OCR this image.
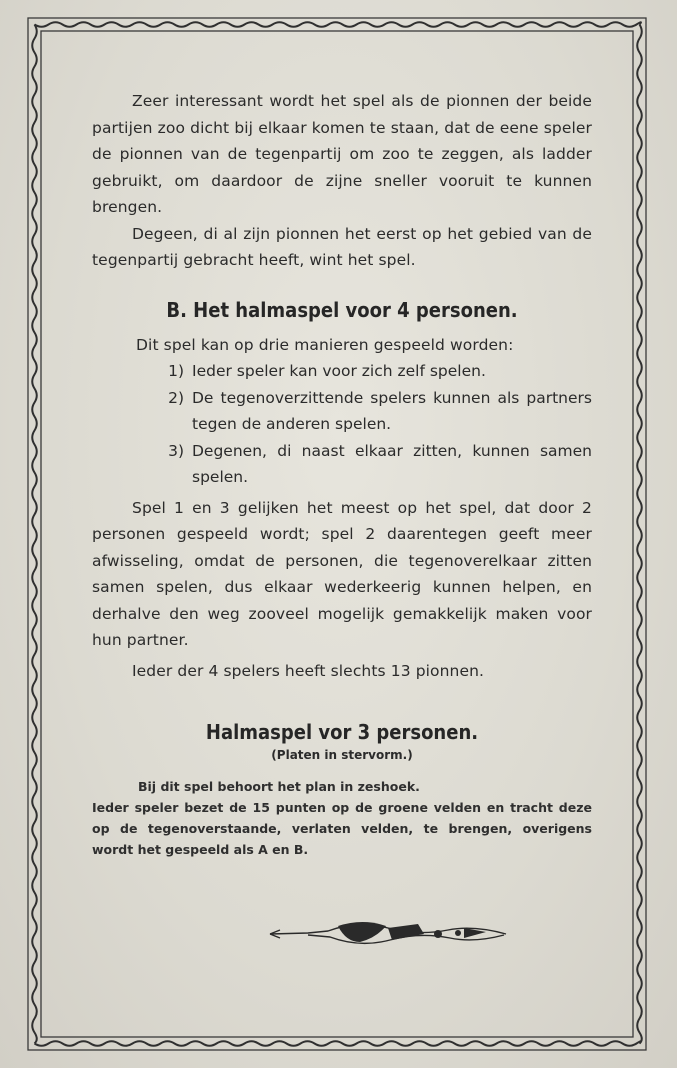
Zeer interessant wordt het spel als de pionnen der beide partijen zoo dicht bij elkaar komen te staan, dat de eene speler de pionnen van de tegenpartij om zoo te zeggen, als ladder gebruikt, om daardoor de zijne sneller vooruit te kunnen brengen.

Degeen, di al zijn pionnen het eerst op het gebied van de tegenpartij gebracht heeft, wint het spel.

B. Het halmaspel voor 4 personen.

Dit spel kan op drie manieren gespeeld worden:

1) Ieder speler kan voor zich zelf spelen.
2) De tegenoverzittende spelers kunnen als partners tegen de anderen spelen.
3) Degenen, di naast elkaar zitten, kunnen samen spelen.

Spel 1 en 3 gelijken het meest op het spel, dat door 2 personen gespeeld wordt; spel 2 daarentegen geeft meer afwisseling, omdat de personen, die tegenoverelkaar zitten samen spelen, dus elkaar wederkeerig kunnen helpen, en derhalve den weg zooveel mogelijk gemakkelijk maken voor hun partner.

Ieder der 4 spelers heeft slechts 13 pionnen.

Halmaspel vor 3 personen.

(Platen in stervorm.)

Bij dit spel behoort het plan in zeshoek.

Ieder speler bezet de 15 punten op de groene velden en tracht deze op de tegenoverstaande, verlaten velden, te brengen, overigens wordt het gespeeld als A en B.
